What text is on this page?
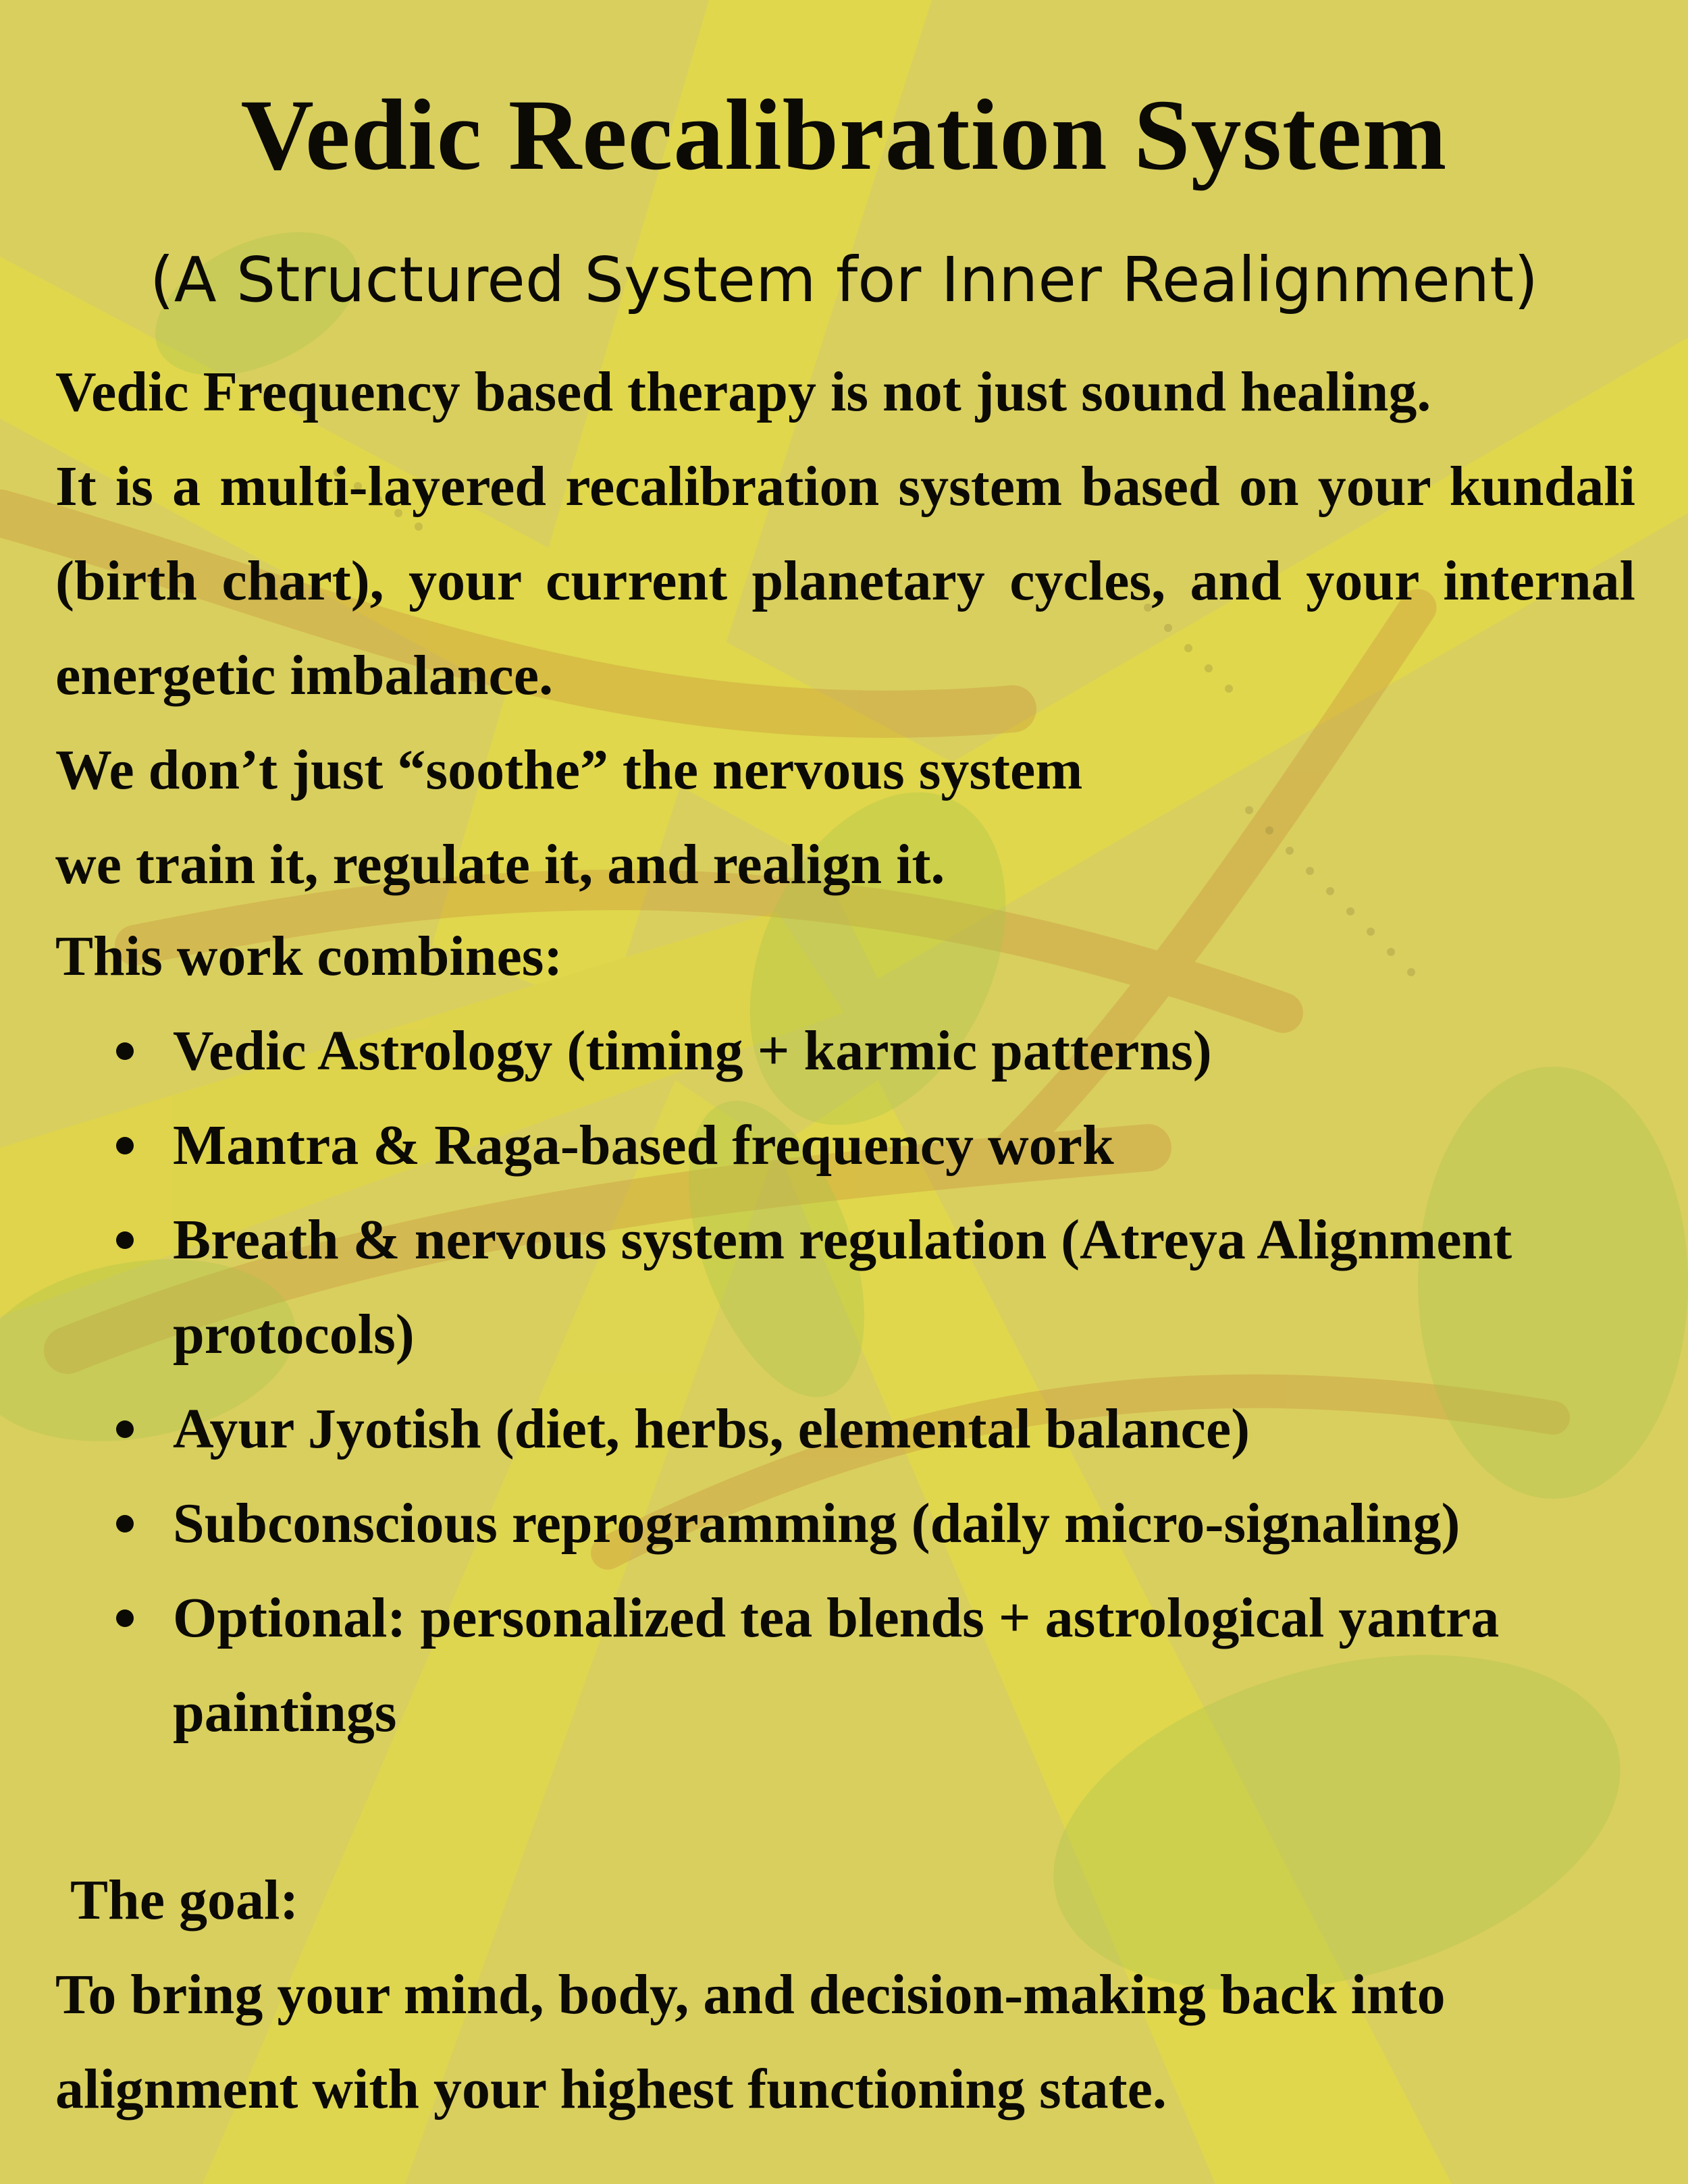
Vedic Recalibration System

(A Structured System for Inner Realignment)

Vedic Frequency based therapy is not just sound healing.

It is a multi-layered recalibration system based on your kundali (birth chart), your current planetary cycles, and your internal energetic imbalance.

We don’t just “soothe” the nervous system

we train it, regulate it, and realign it.

This work combines:

Vedic Astrology (timing + karmic patterns)
Mantra & Raga-based frequency work
Breath & nervous system regulation (Atreya Alignment protocols)
Ayur Jyotish (diet, herbs, elemental balance)
Subconscious reprogramming (daily micro-signaling)
Optional: personalized tea blends + astrological yantra paintings

The goal:

To bring your mind, body, and decision-making back into alignment with your highest functioning state.
